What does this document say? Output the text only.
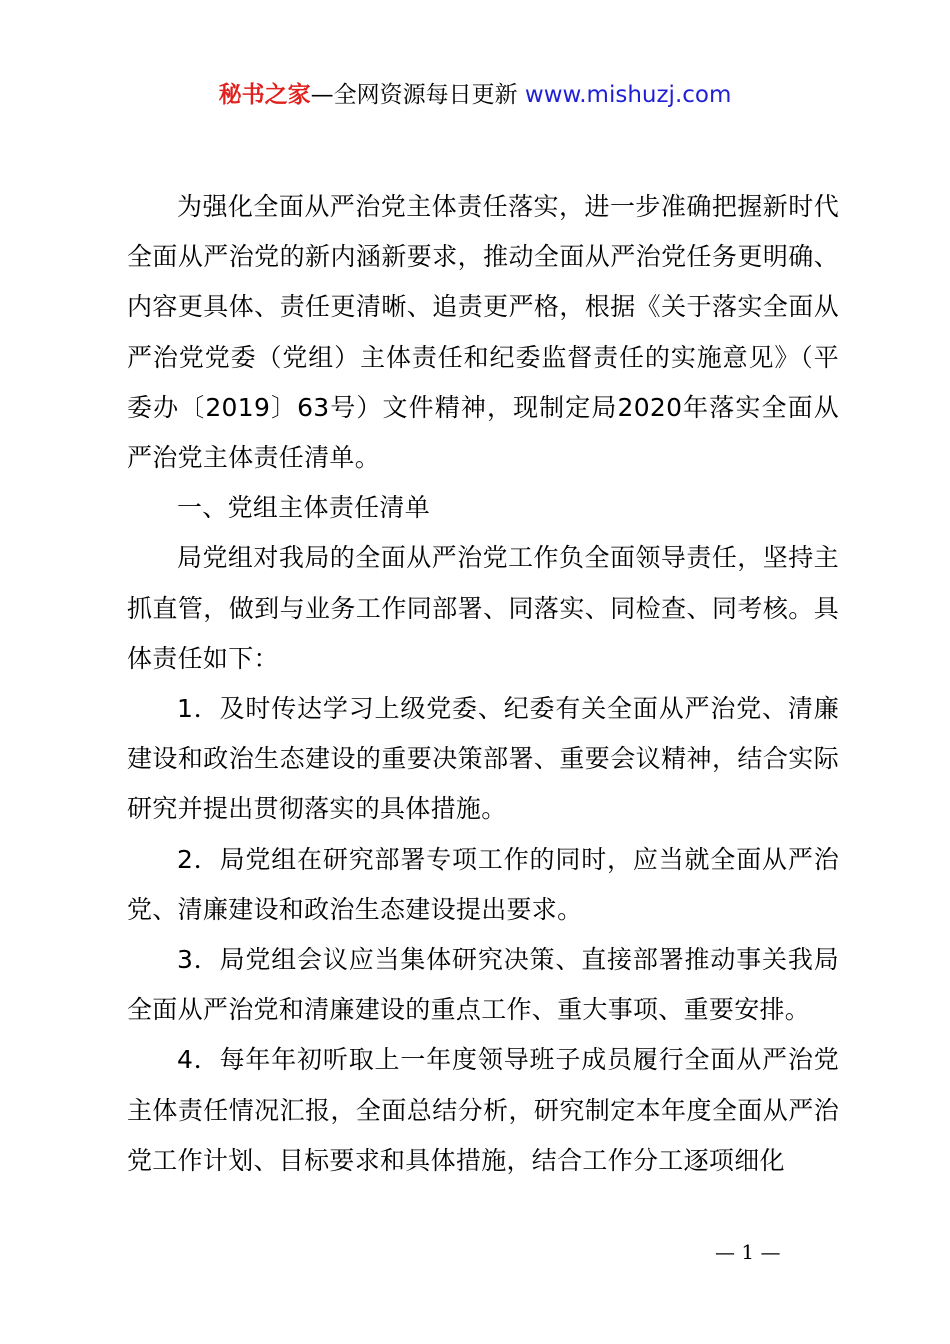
秘书之家—全网资源每日更新 www.mishuzj.com

为强化全面从严治党主体责任落实，进一步准确把握新时代全面从严治党的新内涵新要求，推动全面从严治党任务更明确、内容更具体、责任更清晰、追责更严格，根据《关于落实全面从严治党党委（党组）主体责任和纪委监督责任的实施意见》（平委办〔2019〕63号）文件精神，现制定局2020年落实全面从严治党主体责任清单。

一、党组主体责任清单

局党组对我局的全面从严治党工作负全面领导责任，坚持主抓直管，做到与业务工作同部署、同落实、同检查、同考核。具体责任如下：

1．及时传达学习上级党委、纪委有关全面从严治党、清廉建设和政治生态建设的重要决策部署、重要会议精神，结合实际研究并提出贯彻落实的具体措施。

2．局党组在研究部署专项工作的同时，应当就全面从严治党、清廉建设和政治生态建设提出要求。

3．局党组会议应当集体研究决策、直接部署推动事关我局全面从严治党和清廉建设的重点工作、重大事项、重要安排。

4．每年年初听取上一年度领导班子成员履行全面从严治党主体责任情况汇报，全面总结分析，研究制定本年度全面从严治党工作计划、目标要求和具体措施，结合工作分工逐项细化

— 1 —
